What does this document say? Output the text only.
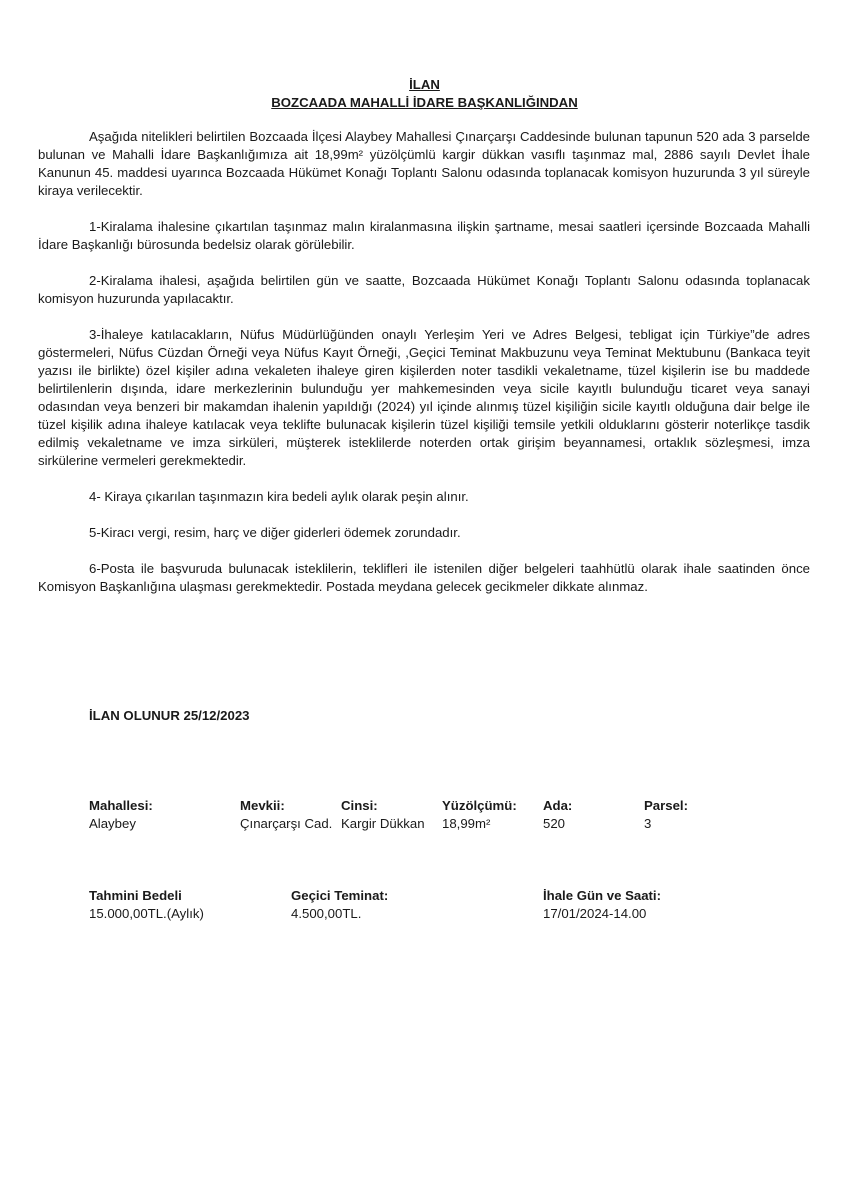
İLAN
BOZCAADA MAHALLİ İDARE BAŞKANLIĞINDAN

Aşağıda nitelikleri belirtilen Bozcaada İlçesi Alaybey Mahallesi Çınarçarşı Caddesinde bulunan tapunun 520 ada 3 parselde bulunan ve Mahalli İdare Başkanlığımıza ait 18,99m² yüzölçümlü kargir dükkan vasıflı taşınmaz mal, 2886 sayılı Devlet İhale Kanunun 45. maddesi uyarınca Bozcaada Hükümet Konağı Toplantı Salonu odasında toplanacak komisyon huzurunda 3 yıl süreyle kiraya verilecektir.

1-Kiralama ihalesine çıkartılan taşınmaz malın kiralanmasına ilişkin şartname, mesai saatleri içersinde Bozcaada Mahalli İdare Başkanlığı bürosunda bedelsiz olarak görülebilir.

2-Kiralama ihalesi, aşağıda belirtilen gün ve saatte, Bozcaada Hükümet Konağı Toplantı Salonu odasında toplanacak komisyon huzurunda yapılacaktır.

3-İhaleye katılacakların, Nüfus Müdürlüğünden onaylı Yerleşim Yeri ve Adres Belgesi, tebligat için Türkiye”de adres göstermeleri, Nüfus Cüzdan Örneği veya Nüfus Kayıt Örneği, ,Geçici Teminat Makbuzunu veya Teminat Mektubunu (Bankaca teyit yazısı ile birlikte) özel kişiler adına vekaleten ihaleye giren kişilerden noter tasdikli vekaletname, tüzel kişilerin ise bu maddede belirtilenlerin dışında, idare merkezlerinin bulunduğu yer mahkemesinden veya sicile kayıtlı bulunduğu ticaret veya sanayi odasından veya benzeri bir makamdan ihalenin yapıldığı (2024) yıl içinde alınmış tüzel kişiliğin sicile kayıtlı olduğuna dair belge ile tüzel kişilik adına ihaleye katılacak veya teklifte bulunacak kişilerin tüzel kişiliği temsile yetkili olduklarını gösterir noterlikçe tasdik edilmiş vekaletname ve imza sirküleri, müşterek isteklilerde noterden ortak girişim beyannamesi, ortaklık sözleşmesi, imza sirkülerine vermeleri gerekmektedir.

4- Kiraya çıkarılan taşınmazın kira bedeli aylık olarak peşin alınır.

5-Kiracı vergi, resim, harç ve diğer giderleri ödemek zorundadır.

6-Posta ile başvuruda bulunacak isteklilerin, teklifleri ile istenilen diğer belgeleri taahhütlü olarak ihale saatinden önce Komisyon Başkanlığına ulaşması gerekmektedir. Postada meydana gelecek gecikmeler dikkate alınmaz.

İLAN OLUNUR 25/12/2023
Mahallesi:
Alaybey
Mevkii:
Çınarçarşı Cad.
Cinsi:
Kargir Dükkan
Yüzölçümü:
18,99m²
Ada:
520
Parsel:
3
Tahmini Bedeli
15.000,00TL.(Aylık)
Geçici Teminat:
4.500,00TL.
İhale Gün ve Saati:
17/01/2024-14.00
